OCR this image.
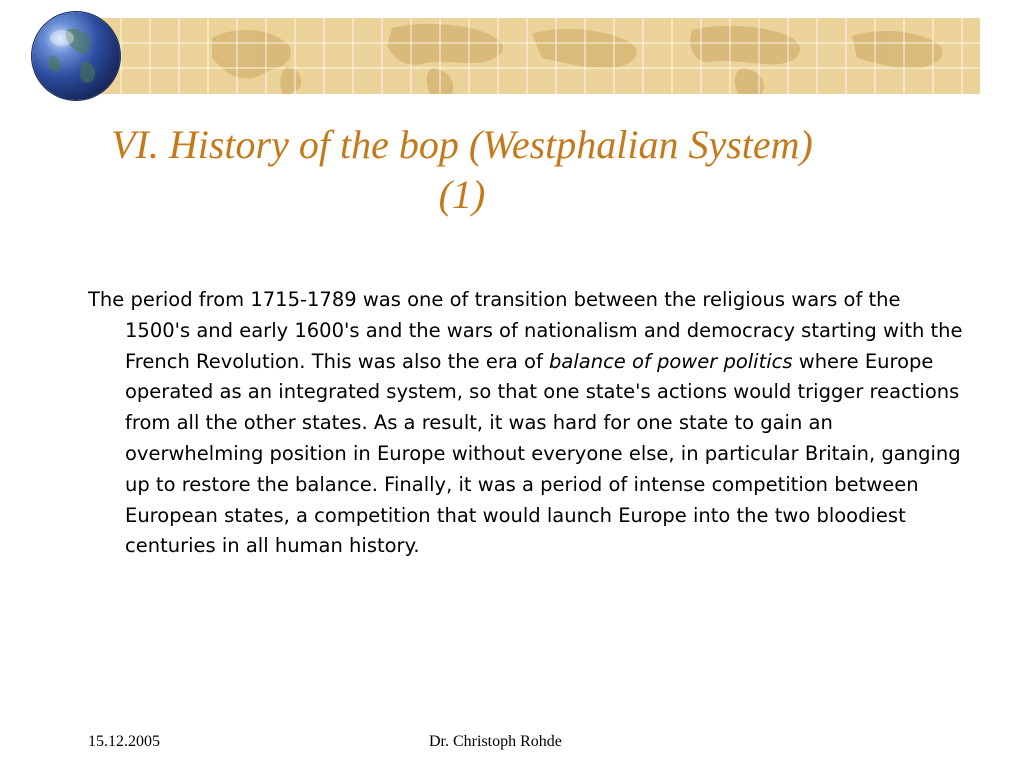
VI. History of the bop (Westphalian System)
(1)
The period from 1715-1789 was one of transition between the religious wars of the 1500's and early 1600's and the wars of nationalism and democracy starting with the French Revolution. This was also the era of balance of power politics where Europe operated as an integrated system, so that one state's actions would trigger reactions from all the other states. As a result, it was hard for one state to gain an overwhelming position in Europe without everyone else, in particular Britain, ganging up to restore the balance. Finally, it was a period of intense competition between European states, a competition that would launch Europe into the two bloodiest centuries in all human history.
15.12.2005	Dr. Christoph Rohde
